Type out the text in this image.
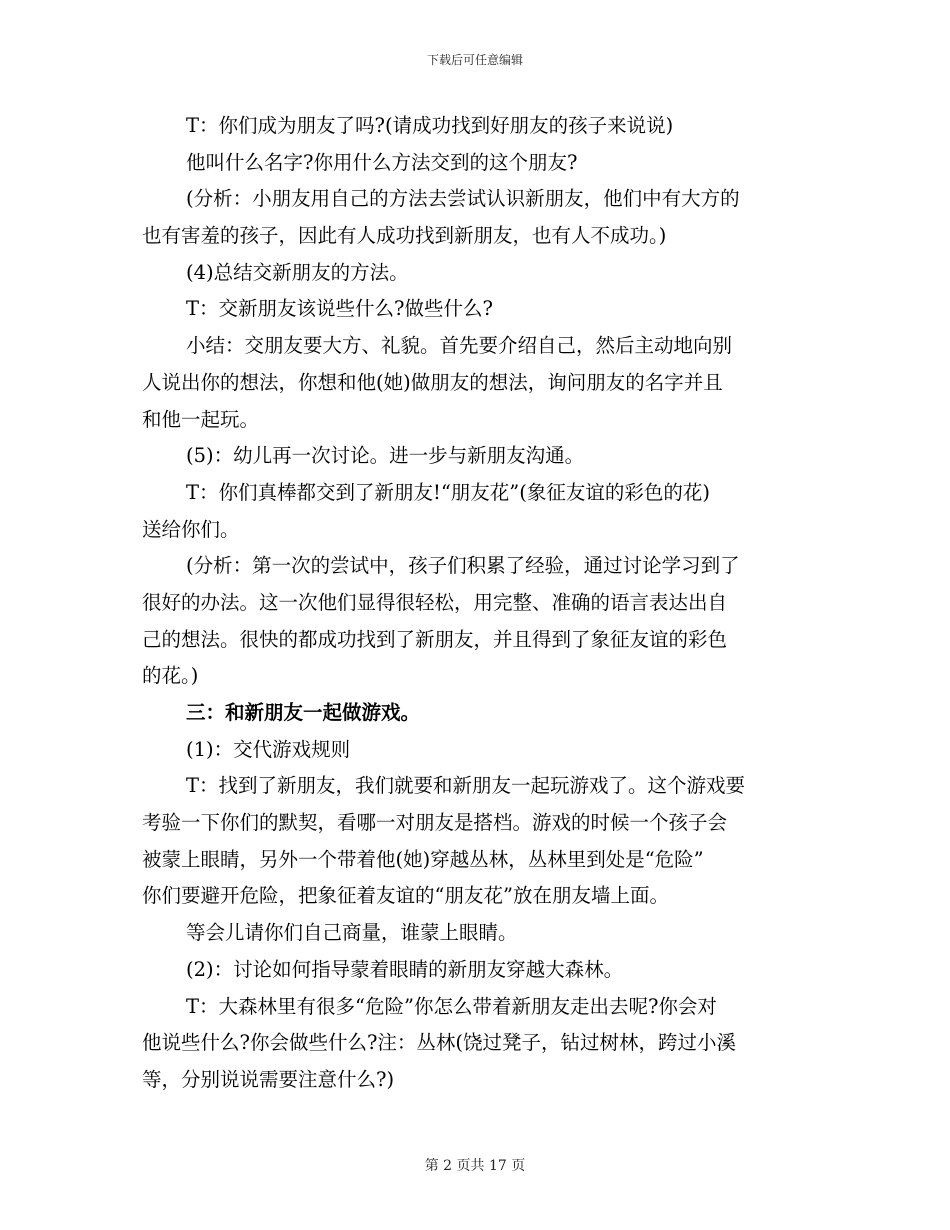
下载后可任意编辑
T：你们成为朋友了吗?(请成功找到好朋友的孩子来说说)
他叫什么名字?你用什么方法交到的这个朋友?
(分析：小朋友用自己的方法去尝试认识新朋友，他们中有大方的
也有害羞的孩子，因此有人成功找到新朋友，也有人不成功。)
(4)总结交新朋友的方法。
T：交新朋友该说些什么?做些什么?
小结：交朋友要大方、礼貌。首先要介绍自己，然后主动地向别
人说出你的想法，你想和他(她)做朋友的想法，询问朋友的名字并且
和他一起玩。
(5)：幼儿再一次讨论。进一步与新朋友沟通。
T：你们真棒都交到了新朋友!“朋友花”(象征友谊的彩色的花)
送给你们。
(分析：第一次的尝试中，孩子们积累了经验，通过讨论学习到了
很好的办法。这一次他们显得很轻松，用完整、准确的语言表达出自
己的想法。很快的都成功找到了新朋友，并且得到了象征友谊的彩色
的花。)
三：和新朋友一起做游戏。
(1)：交代游戏规则
T：找到了新朋友，我们就要和新朋友一起玩游戏了。这个游戏要
考验一下你们的默契，看哪一对朋友是搭档。游戏的时候一个孩子会
被蒙上眼睛，另外一个带着他(她)穿越丛林，丛林里到处是“危险”
你们要避开危险，把象征着友谊的“朋友花”放在朋友墙上面。
等会儿请你们自己商量，谁蒙上眼睛。
(2)：讨论如何指导蒙着眼睛的新朋友穿越大森林。
T：大森林里有很多“危险”你怎么带着新朋友走出去呢?你会对
他说些什么?你会做些什么?注：丛林(饶过凳子，钻过树林，跨过小溪
等，分别说说需要注意什么?)
第 2 页共 17 页
